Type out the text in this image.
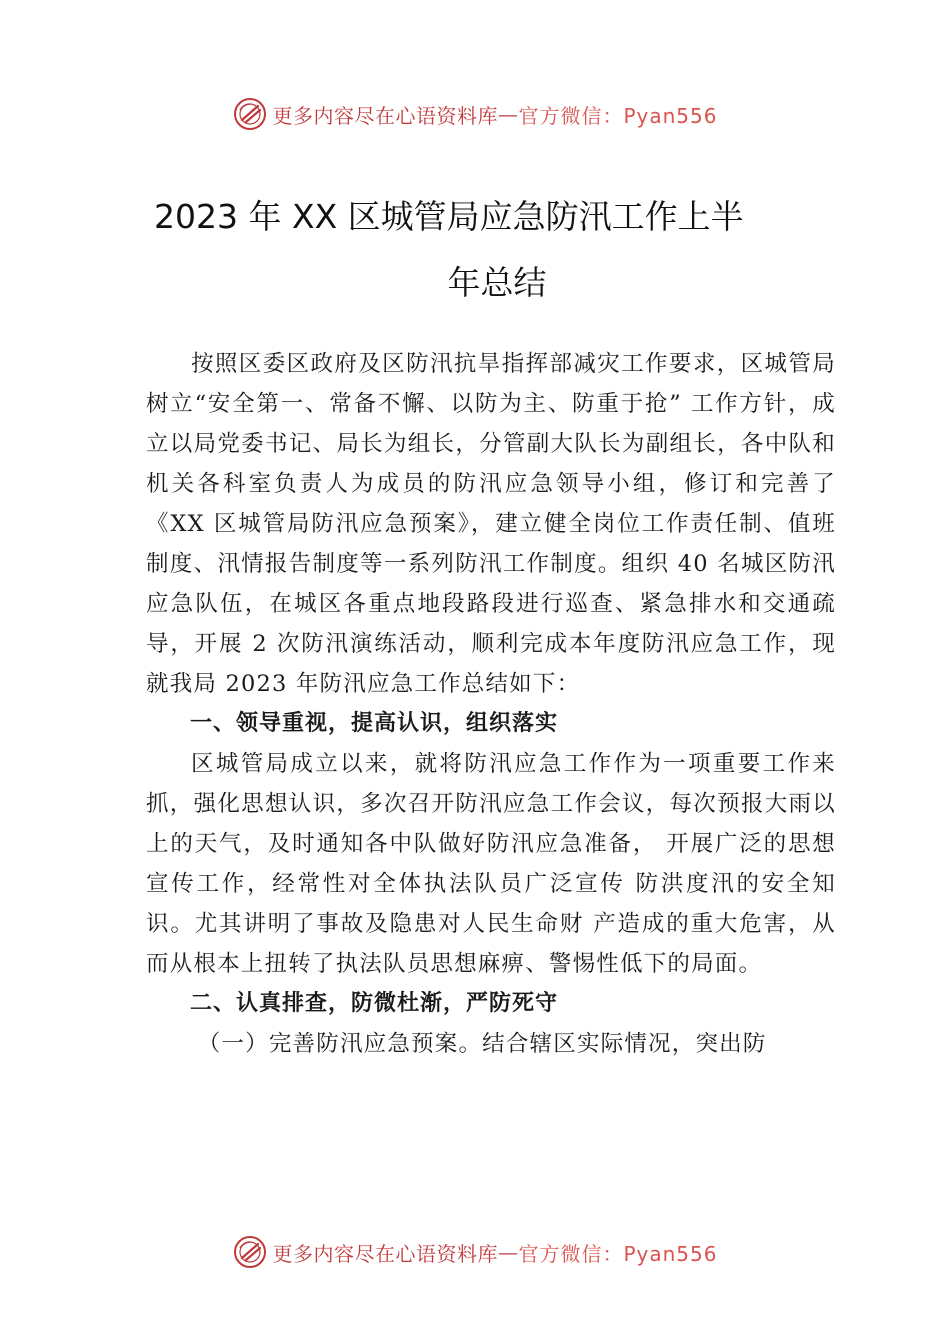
更多内容尽在心语资料库 — 官方微信：Pyan556
2023 年 XX 区城管局应急防汛工作上半
年总结

按照区委区政府及区防汛抗旱指挥部减灾工作要求，区城管局树立“安全第一、常备不懈、以防为主、防重于抢” 工作方针，成立以局党委书记、局长为组长，分管副大队长为副组长，各中队和机关各科室负责人为成员的防汛应急领导小组，修订和完善了《XX 区城管局防汛应急预案》，建立健全岗位工作责任制、值班制度、汛情报告制度等一系列防汛工作制度。组织 40 名城区防汛应急队伍，在城区各重点地段路段进行巡查、紧急排水和交通疏导，开展 2 次防汛演练活动，顺利完成本年度防汛应急工作，现就我局 2023 年防汛应急工作总结如下：

一、领导重视，提高认识，组织落实

区城管局成立以来，就将防汛应急工作作为一项重要工作来抓，强化思想认识，多次召开防汛应急工作会议，每次预报大雨以上的天气，及时通知各中队做好防汛应急准备， 开展广泛的思想宣传工作，经常性对全体执法队员广泛宣传 防洪度汛的安全知识。尤其讲明了事故及隐患对人民生命财 产造成的重大危害，从而从根本上扭转了执法队员思想麻痹、警惕性低下的局面。

二、认真排查，防微杜渐，严防死守

（一）完善防汛应急预案。结合辖区实际情况，突出防

更多内容尽在心语资料库 — 官方微信：Pyan556
